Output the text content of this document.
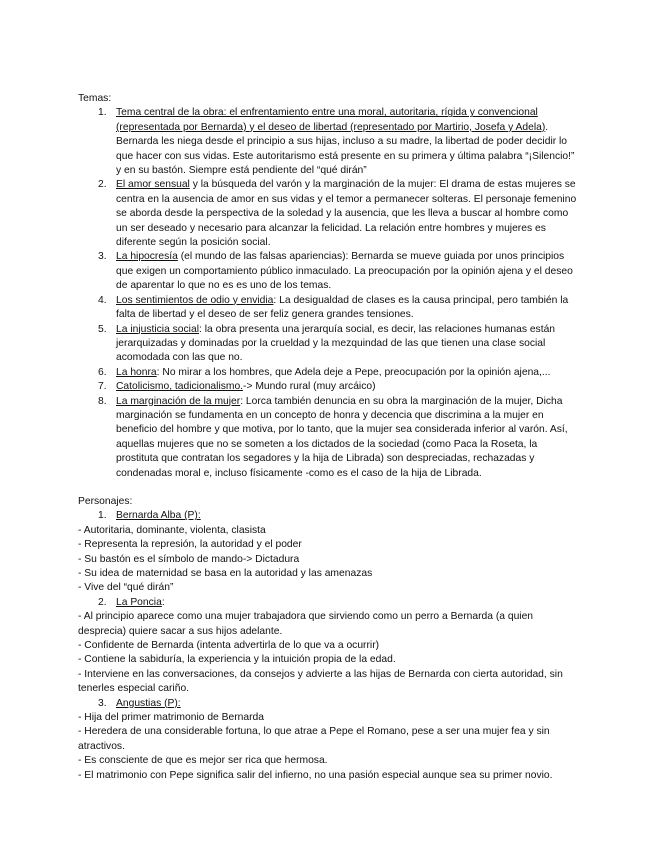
Temas:

1. Tema central de la obra: el enfrentamiento entre una moral, autoritaria, rígida y convencional (representada por Bernarda) y el deseo de libertad (representado por Martirio, Josefa y Adela). Bernarda les niega desde el principio a sus hijas, incluso a su madre, la libertad de poder decidir lo que hacer con sus vidas. Este autoritarismo está presente en su primera y última palabra “¡Silencio!” y en su bastón. Siempre está pendiente del “qué dirán”
2. El amor sensual y la búsqueda del varón y la marginación de la mujer: El drama de estas mujeres se centra en la ausencia de amor en sus vidas y el temor a permanecer solteras. El personaje femenino se aborda desde la perspectiva de la soledad y la ausencia, que les lleva a buscar al hombre como un ser deseado y necesario para alcanzar la felicidad. La relación entre hombres y mujeres es diferente según la posición social.
3. La hipocresía (el mundo de las falsas apariencias): Bernarda se mueve guiada por unos principios que exigen un comportamiento público inmaculado. La preocupación por la opinión ajena y el deseo de aparentar lo que no es es uno de los temas.
4. Los sentimientos de odio y envidia: La desigualdad de clases es la causa principal, pero también la falta de libertad y el deseo de ser feliz genera grandes tensiones.
5. La injusticia social: la obra presenta una jerarquía social, es decir, las relaciones humanas están jerarquizadas y dominadas por la crueldad y la mezquindad de las que tienen una clase social acomodada con las que no.
6. La honra: No mirar a los hombres, que Adela deje a Pepe, preocupación por la opinión ajena,...
7. Catolicismo, tadicionalismo.-> Mundo rural (muy arcáico)
8. La marginación de la mujer: Lorca también denuncia en su obra la marginación de la mujer, Dicha marginación se fundamenta en un concepto de honra y decencia que discrimina a la mujer en beneficio del hombre y que motiva, por lo tanto, que la mujer sea considerada inferior al varón. Así, aquellas mujeres que no se someten a los dictados de la sociedad (como Paca la Roseta, la prostituta que contratan los segadores y la hija de Librada) son despreciadas, rechazadas y condenadas moral e, incluso físicamente -como es el caso de la hija de Librada.

Personajes:

1. Bernarda Alba (P):

- Autoritaria, dominante, violenta, clasista

- Representa la represión, la autoridad y el poder

- Su bastón es el símbolo de mando-> Dictadura

- Su idea de maternidad se basa en la autoridad y las amenazas

- Vive del “qué dirán”

2. La Poncia:

- Al principio aparece como una mujer trabajadora que sirviendo como un perro a Bernarda (a quien desprecia) quiere sacar a sus hijos adelante.

- Confidente de Bernarda (intenta advertirla de lo que va a ocurrir)

- Contiene la sabiduría, la experiencia y la intuición propia de la edad.

- Interviene en las conversaciones, da consejos y advierte a las hijas de Bernarda con cierta autoridad, sin tenerles especial cariño.

3. Angustias (P):

- Hija del primer matrimonio de Bernarda

- Heredera de una considerable fortuna, lo que atrae a Pepe el Romano, pese a ser una mujer fea y sin atractivos.

- Es consciente de que es mejor ser rica que hermosa.

- El matrimonio con Pepe significa salir del infierno, no una pasión especial aunque sea su primer novio.
